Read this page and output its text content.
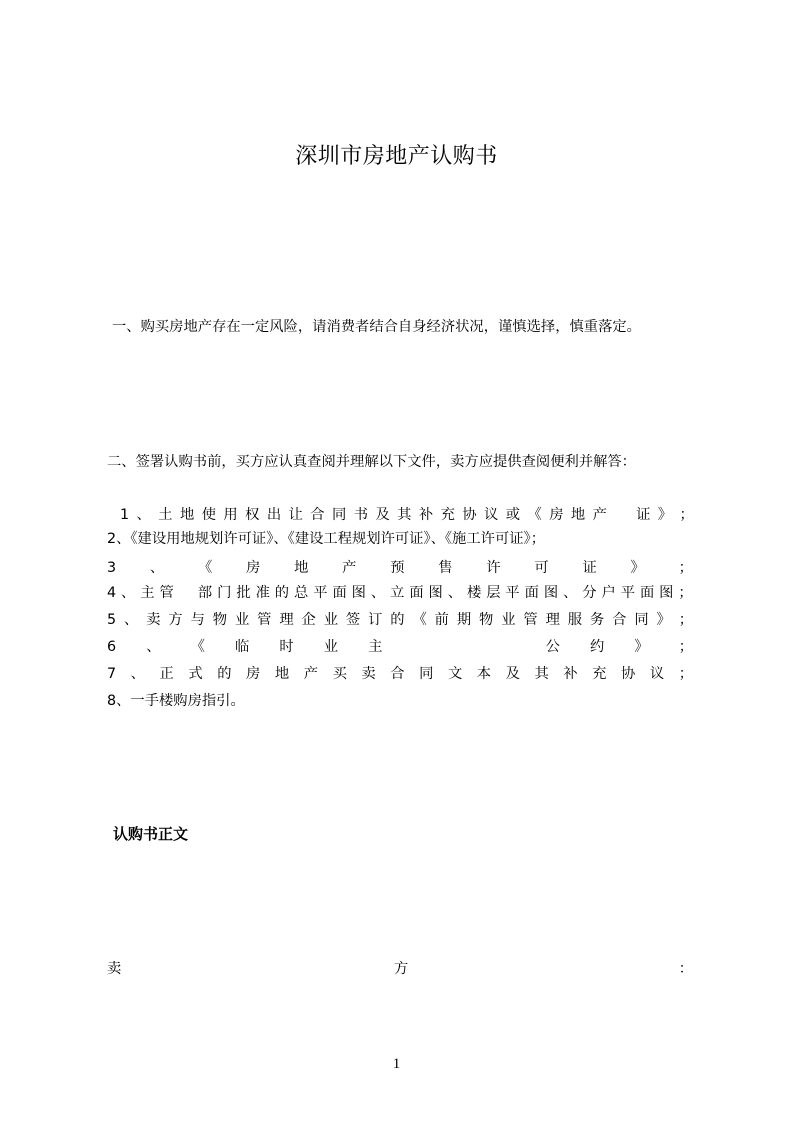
深圳市房地产认购书
一、购买房地产存在一定风险，请消费者结合自身经济状况，谨慎选择，慎重落定。
二、签署认购书前，买方应认真查阅并理解以下文件，卖方应提供查阅便利并解答：
1 、 土 地 使 用 权 出 让 合 同 书 及 其 补 充 协 议 或 《 房 地 产
　 证 》 ；
2、《建设用地规划许可证》、《建设工程规划许可证》、《施工许可证》；
3 、 《 房 地 产 预 售 许 可 证 》 ；
4 、 主 管
　 部 门 批 准 的 总 平 面 图 、 立 面 图 、 楼 层 平 面 图 、 分 户 平 面 图 ；
5 、 卖 方 与 物 业 管 理 企 业 签 订 的 《 前 期 物 业 管 理 服 务 合 同 》 ；
6 、 《 临 时 业 主

　	公 约 》 ；
7 、 正 式 的 房 地 产 买 卖 合 同 文 本 及 其 补 充 协 议 ；
8、一手楼购房指引。
认购书正文
卖	方	：
1
